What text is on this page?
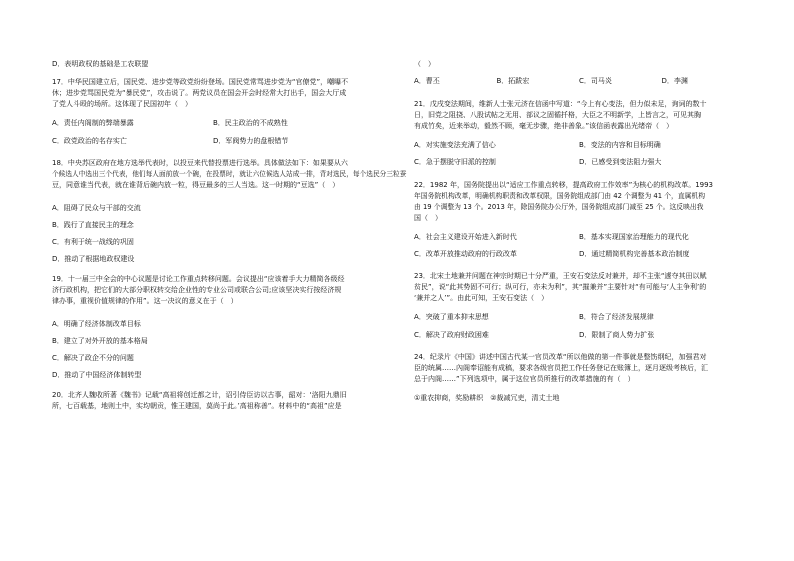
D．表明政权的基础是工农联盟

17．中华民国建立后，国民党、进步党等政党纷纷登场。国民党常骂进步党为“官僚党”，嘲曝不

休；进步党骂国民党为“暴民党”，攻击说了。两党议员在国会开会时经常大打出手，国会大厅成

了党人斗殴的场所。这体现了民国初年（　）

A．责任内阁制的弊端暴露	B．民主政治的不成熟性
C．政党政治的名存实亡	D．军阀势力的盘根错节

18．中央苏区政府在地方选举代表时，以投豆来代替投票进行选举。具体做法如下：如果要从六

个候选人中选出三个代表，他们每人面前放一个碗，在投票时，就让六位候选人站成一排，背对选民，每个选民分三粒蚕

豆，同意谁当代表，就在谁背后碗内放一粒，得豆最多的三人当选。这一时期的“豆选”（　）

A．阻碍了民众与干部的交流

B．践行了直接民主的理念

C．有利于统一战线的巩固

D．推动了根据地政权建设

19．十一届三中全会的中心议题是讨论工作重点转移问题。会议提出“应该着手大力精简各级经

济行政机构，把它们的大部分职权转交给企业性的专业公司或联合公司;应该坚决实行按经济规

律办事，重视价值规律的作用”。这一决议的意义在于（　）

A．明确了经济体制改革目标

B．建立了对外开放的基本格局

C．解决了政企不分的问题

D．推动了中国经济体制转型

20．北齐人魏收所著《魏书》记载“高祖将创迁都之计，诏引侍臣访以古事，韶对：‘洛阳九鼎旧

所，七百载基，地则土中，实均朝贡，惟王建国，莫尚于此。’高祖称善”。材料中的“高祖”应是

（　）

A．曹丕	B．拓跋宏	C．司马炎	D．李渊

21．戊戌变法期间，维新人士张元济在信函中写道：“今上有心变法，但力似未足，询词的数十

日，旧党之阻挠、八股试帖之无用、部议之固循扦格，大臣之不明新学，上皆言之，可见其胸

有成竹矣，近来举动，毅然不顾，毫无步骤，绝非善象。”该信函表露出光绪帝（　）

A．对实施变法充满了信心	B．变法的内容和目标明确
C．急于摆脱守旧派的控制	D．已感受到变法阻力强大

22．1982 年，国务院提出以“适应工作重点转移，提高政府工作效率”为核心的机构改革。1993

年国务院机构改革，明确机构职责和改革权限，国务院组成部门由 42 个调整为 41 个，直属机构

由 19 个调整为 13 个。2013 年，除国务院办公厅外，国务院组成部门减至 25 个。这反映出我

国（　）

A．社会主义建设开始进入新时代	B．基本实现国家治理能力的现代化
C．改革开放推动政府的行政改革	D．通过精简机构完善基本政治制度

23．北宋土地兼并问题在神宗时期已十分严重，王安石变法反对兼并，却不主张“遽夺其田以赋

贫民”，说“此其势固不可行；纵可行，亦未为利”，其“摧兼并”主要针对“有可能与‘人主争利’的

‘兼并之人’”。由此可知，王安石变法（　）

A．突破了重本抑末思想	B．符合了经济发展规律
C．解决了政府财政困难	D．限制了商人势力扩张

24．纪录片《中国》讲述中国古代某一官员改革“所以他做的第一件事就是整饬纲纪，加强君对

臣的统属……內阁奉诏能有成稿，要求各级官员把工作任务登记在账簿上，逐月逐级考核后，汇

总于内阁……”下列选项中，属于这位官员所推行的改革措施的有（　）

①重农抑商，奖励耕织　②裁减冗吏，清丈土地
